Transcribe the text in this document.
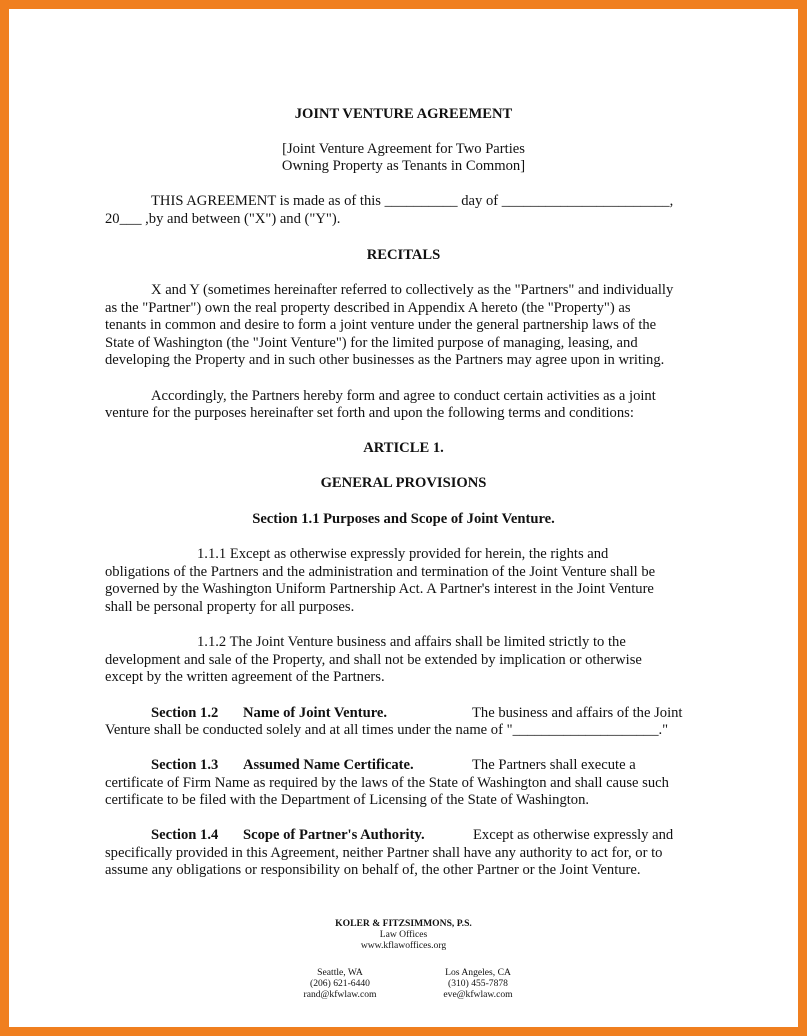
JOINT VENTURE AGREEMENT
[Joint Venture Agreement for Two Parties
Owning Property as Tenants in Common]
THIS AGREEMENT is made as of this __________ day of _______________________,
20___ ,by and between ("X") and ("Y").
RECITALS
X and Y (sometimes hereinafter referred to collectively as the "Partners" and individually
as the "Partner") own the real property described in Appendix A hereto (the "Property") as
tenants in common and desire to form a joint venture under the general partnership laws of the
State of Washington (the "Joint Venture") for the limited purpose of managing, leasing, and
developing the Property and in such other businesses as the Partners may agree upon in writing.
Accordingly, the Partners hereby form and agree to conduct certain activities as a joint
venture for the purposes hereinafter set forth and upon the following terms and conditions:
ARTICLE 1.
GENERAL PROVISIONS
Section 1.1 Purposes and Scope of Joint Venture.
1.1.1 Except as otherwise expressly provided for herein, the rights and
obligations of the Partners and the administration and termination of the Joint Venture shall be
governed by the Washington Uniform Partnership Act. A Partner's interest in the Joint Venture
shall be personal property for all purposes.
1.1.2 The Joint Venture business and affairs shall be limited strictly to the
development and sale of the Property, and shall not be extended by implication or otherwise
except by the written agreement of the Partners.
Section 1.2 Name of Joint Venture.	The business and affairs of the Joint
Venture shall be conducted solely and at all times under the name of "____________________."
Section 1.3 Assumed Name Certificate.	The Partners shall execute a
certificate of Firm Name as required by the laws of the State of Washington and shall cause such
certificate to be filed with the Department of Licensing of the State of Washington.
Section 1.4 Scope of Partner's Authority.	Except as otherwise expressly and
specifically provided in this Agreement, neither Partner shall have any authority to act for, or to
assume any obligations or responsibility on behalf of, the other Partner or the Joint Venture.
KOLER & FITZSIMMONS, P.S.
Law Offices
www.kflawoffices.org
Seattle, WA
(206) 621-6440
rand@kfwlaw.com
Los Angeles, CA
(310) 455-7878
eve@kfwlaw.com
